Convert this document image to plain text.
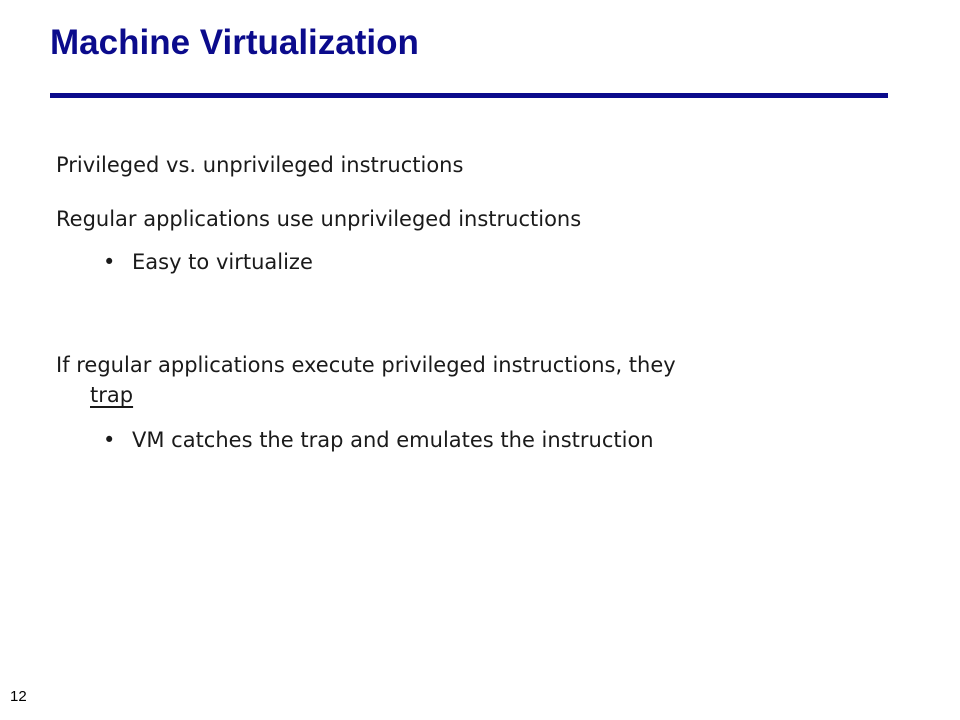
Machine Virtualization

Privileged vs. unprivileged instructions

Regular applications use unprivileged instructions

• Easy to virtualize

If regular applications execute privileged instructions, they
trap

• VM catches the trap and emulates the instruction

12
